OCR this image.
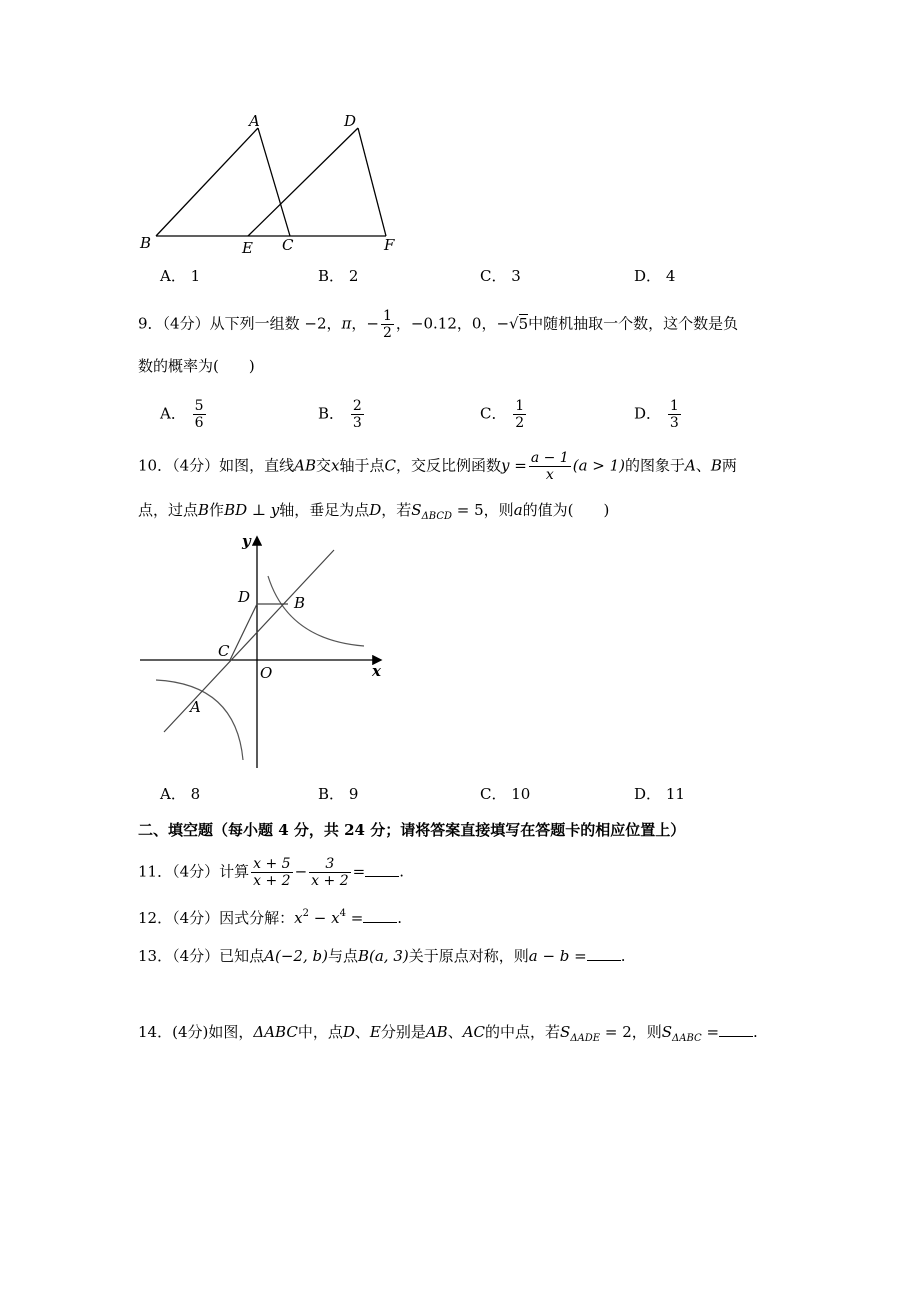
A	D
B	E C	F
A． 1	B． 2	C． 3	D． 4
9．（4分）从下列一组数 −2，π，− $\frac{1}{2}$ ，−0.12，0，−√5中随机抽取一个数，这个数是负
数的概率为(　　)
A． $\frac{5}{6}$	B． $\frac{2}{3}$	C． $\frac{1}{2}$	D． $\frac{1}{3}$
10．（4分）如图，直线AB交x轴于点C，交反比例函数$y = \frac{a - 1}{x} (a > 1)$的图象于A、B两
点，过点B作BD ⊥ y轴，垂足为点D，若$S_{\Delta BCD} = 5$，则a的值为(　　)
y
x
O
D	B
C
A
A． 8	B． 9	C． 10	D． 11
二、填空题（每小题 4 分，共 24 分；请将答案直接填写在答题卡的相应位置上）
11．（4分）计算 $\frac{x + 5}{x + 2} - \frac{3}{x + 2}$ = .
12．（4分）因式分解：$x^2 - x^4$ = .
13．（4分）已知点A(−2, b)与点B(a, 3)关于原点对称，则a − b = .
14．(4分)如图，ΔABC中，点D、E分别是AB、AC的中点，若$S_{\Delta ADE} = 2$，则$S_{\Delta ABC}$ = .
